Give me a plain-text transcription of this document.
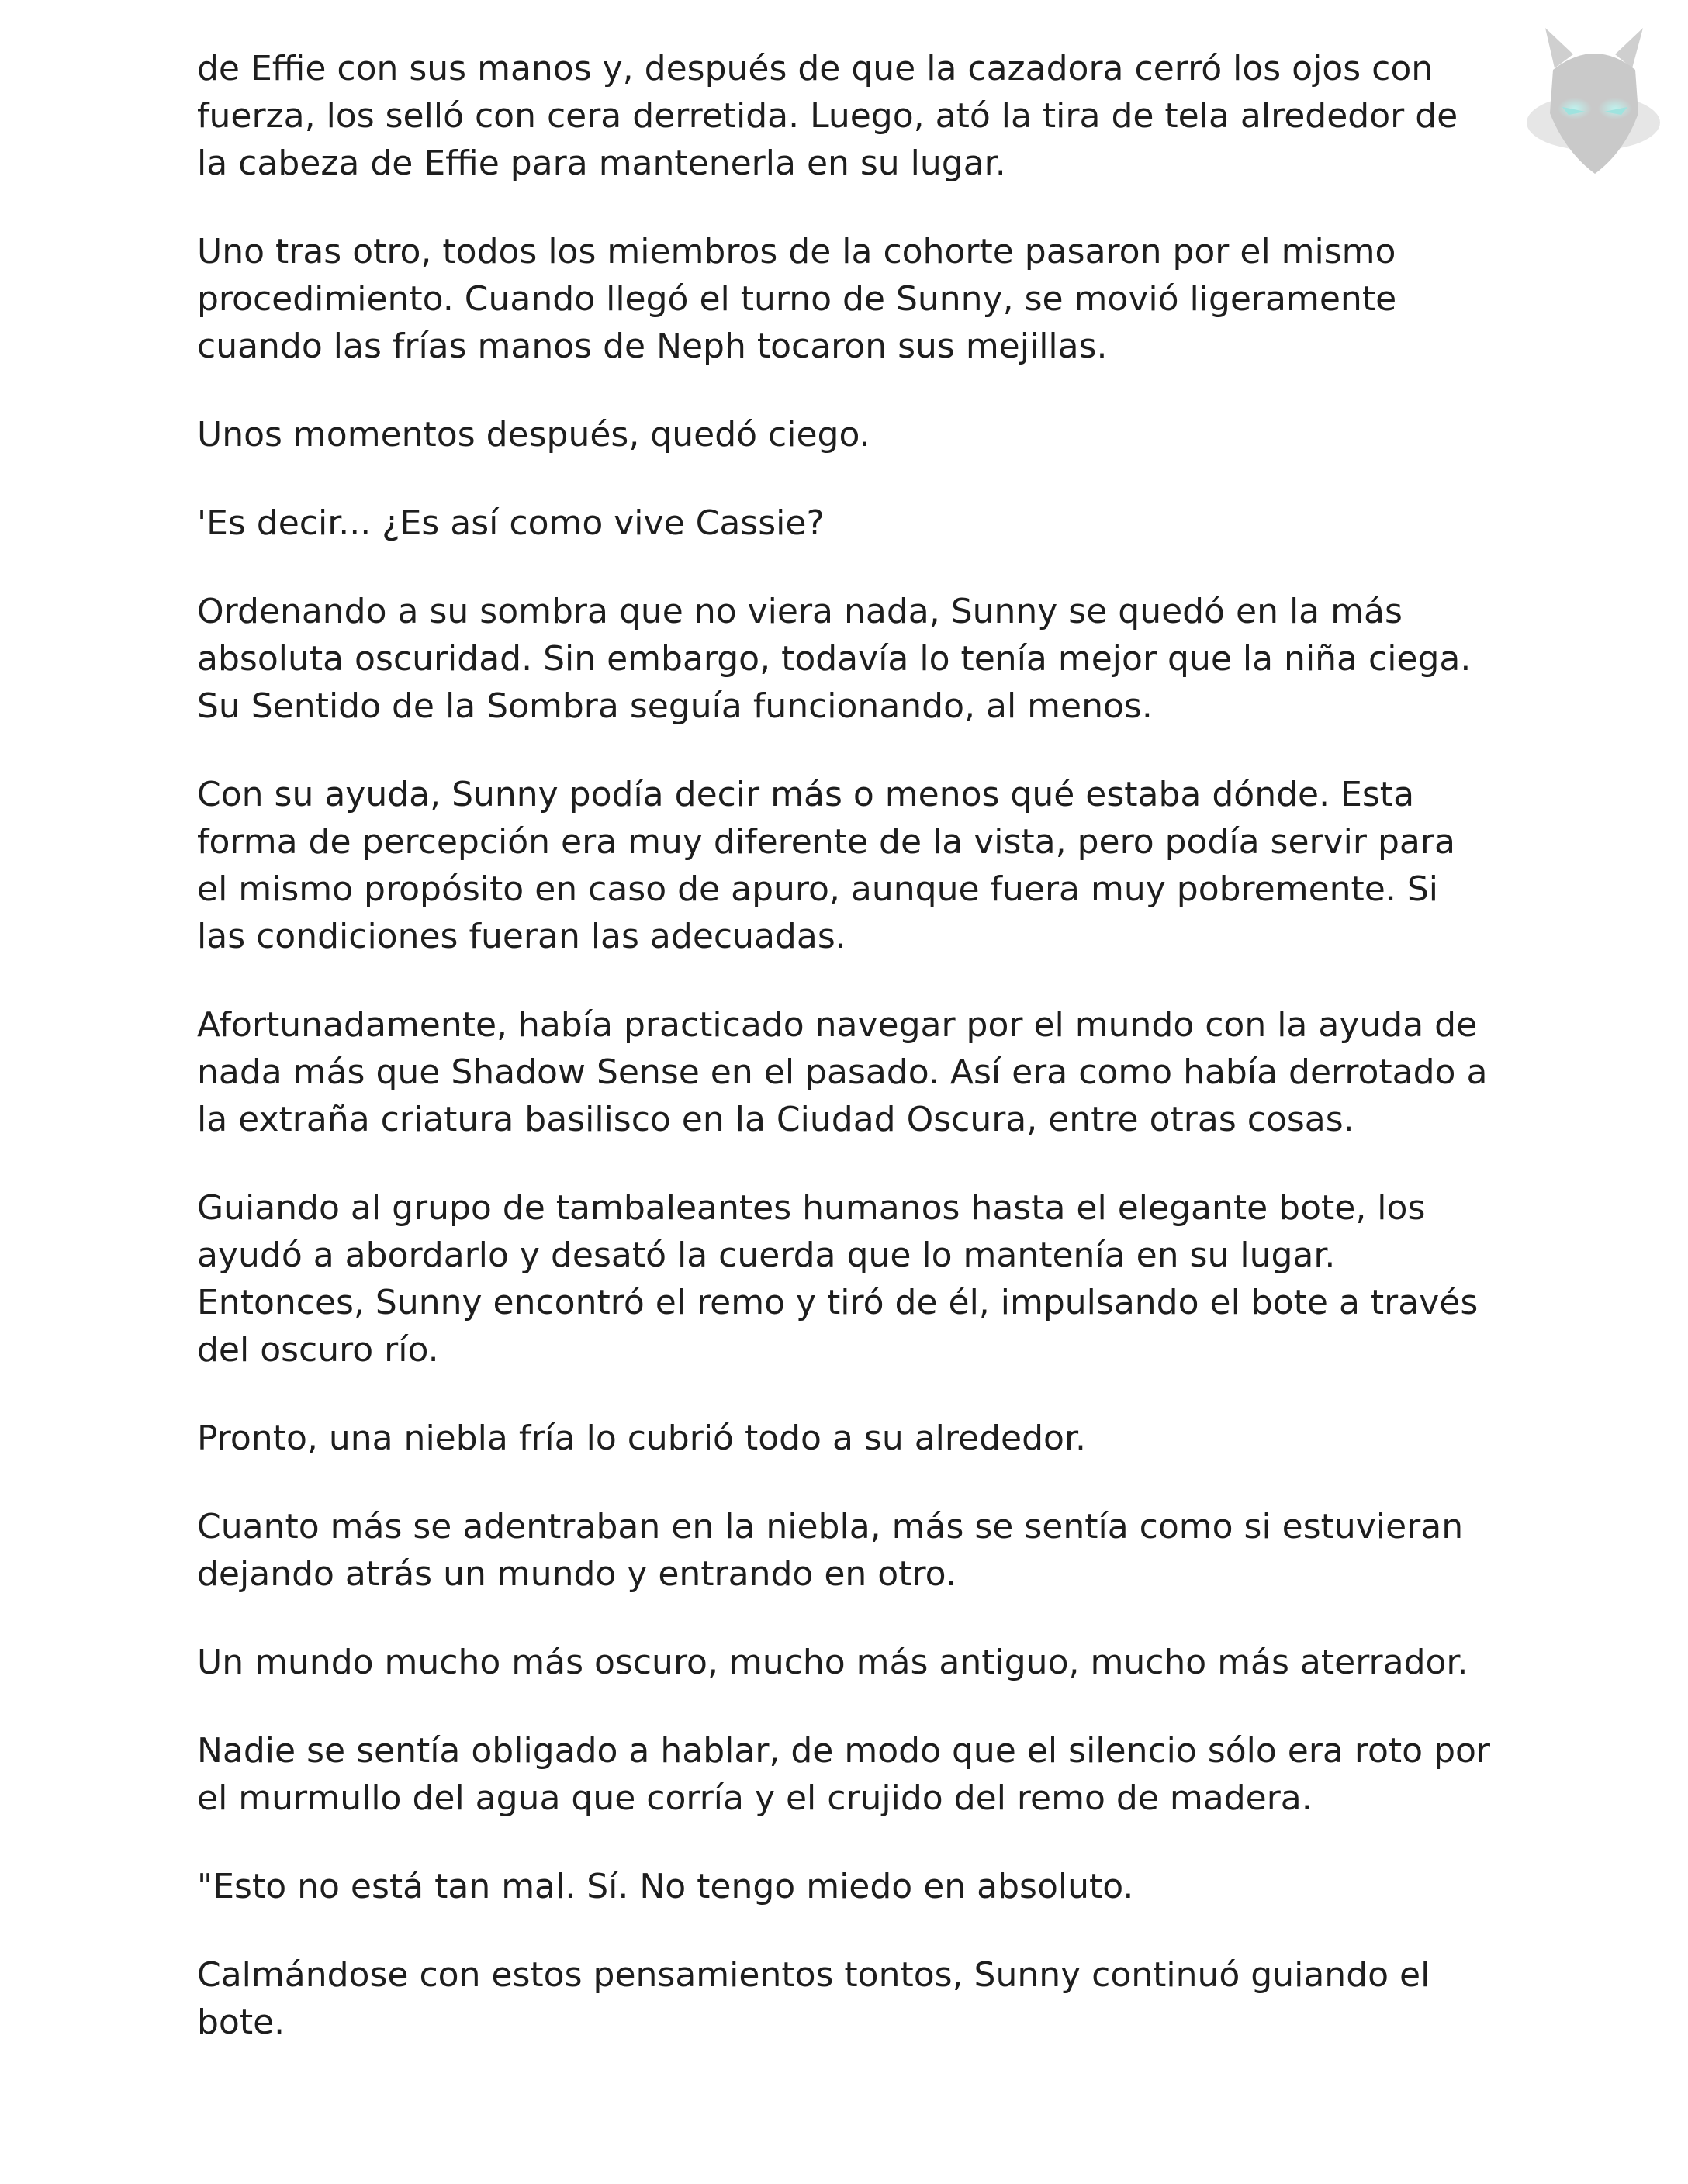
de Effie con sus manos y, después de que la cazadora cerró los ojos con fuerza, los selló con cera derretida. Luego, ató la tira de tela alrededor de la cabeza de Effie para mantenerla en su lugar.

Uno tras otro, todos los miembros de la cohorte pasaron por el mismo procedimiento. Cuando llegó el turno de Sunny, se movió ligeramente cuando las frías manos de Neph tocaron sus mejillas.

Unos momentos después, quedó ciego.

'Es decir... ¿Es así como vive Cassie?

Ordenando a su sombra que no viera nada, Sunny se quedó en la más absoluta oscuridad. Sin embargo, todavía lo tenía mejor que la niña ciega. Su Sentido de la Sombra seguía funcionando, al menos.

Con su ayuda, Sunny podía decir más o menos qué estaba dónde. Esta forma de percepción era muy diferente de la vista, pero podía servir para el mismo propósito en caso de apuro, aunque fuera muy pobremente. Si las condiciones fueran las adecuadas.

Afortunadamente, había practicado navegar por el mundo con la ayuda de nada más que Shadow Sense en el pasado. Así era como había derrotado a la extraña criatura basilisco en la Ciudad Oscura, entre otras cosas.

Guiando al grupo de tambaleantes humanos hasta el elegante bote, los ayudó a abordarlo y desató la cuerda que lo mantenía en su lugar. Entonces, Sunny encontró el remo y tiró de él, impulsando el bote a través del oscuro río.

Pronto, una niebla fría lo cubrió todo a su alrededor.

Cuanto más se adentraban en la niebla, más se sentía como si estuvieran dejando atrás un mundo y entrando en otro.

Un mundo mucho más oscuro, mucho más antiguo, mucho más aterrador.

Nadie se sentía obligado a hablar, de modo que el silencio sólo era roto por el murmullo del agua que corría y el crujido del remo de madera.

"Esto no está tan mal. Sí. No tengo miedo en absoluto.

Calmándose con estos pensamientos tontos, Sunny continuó guiando el bote.
